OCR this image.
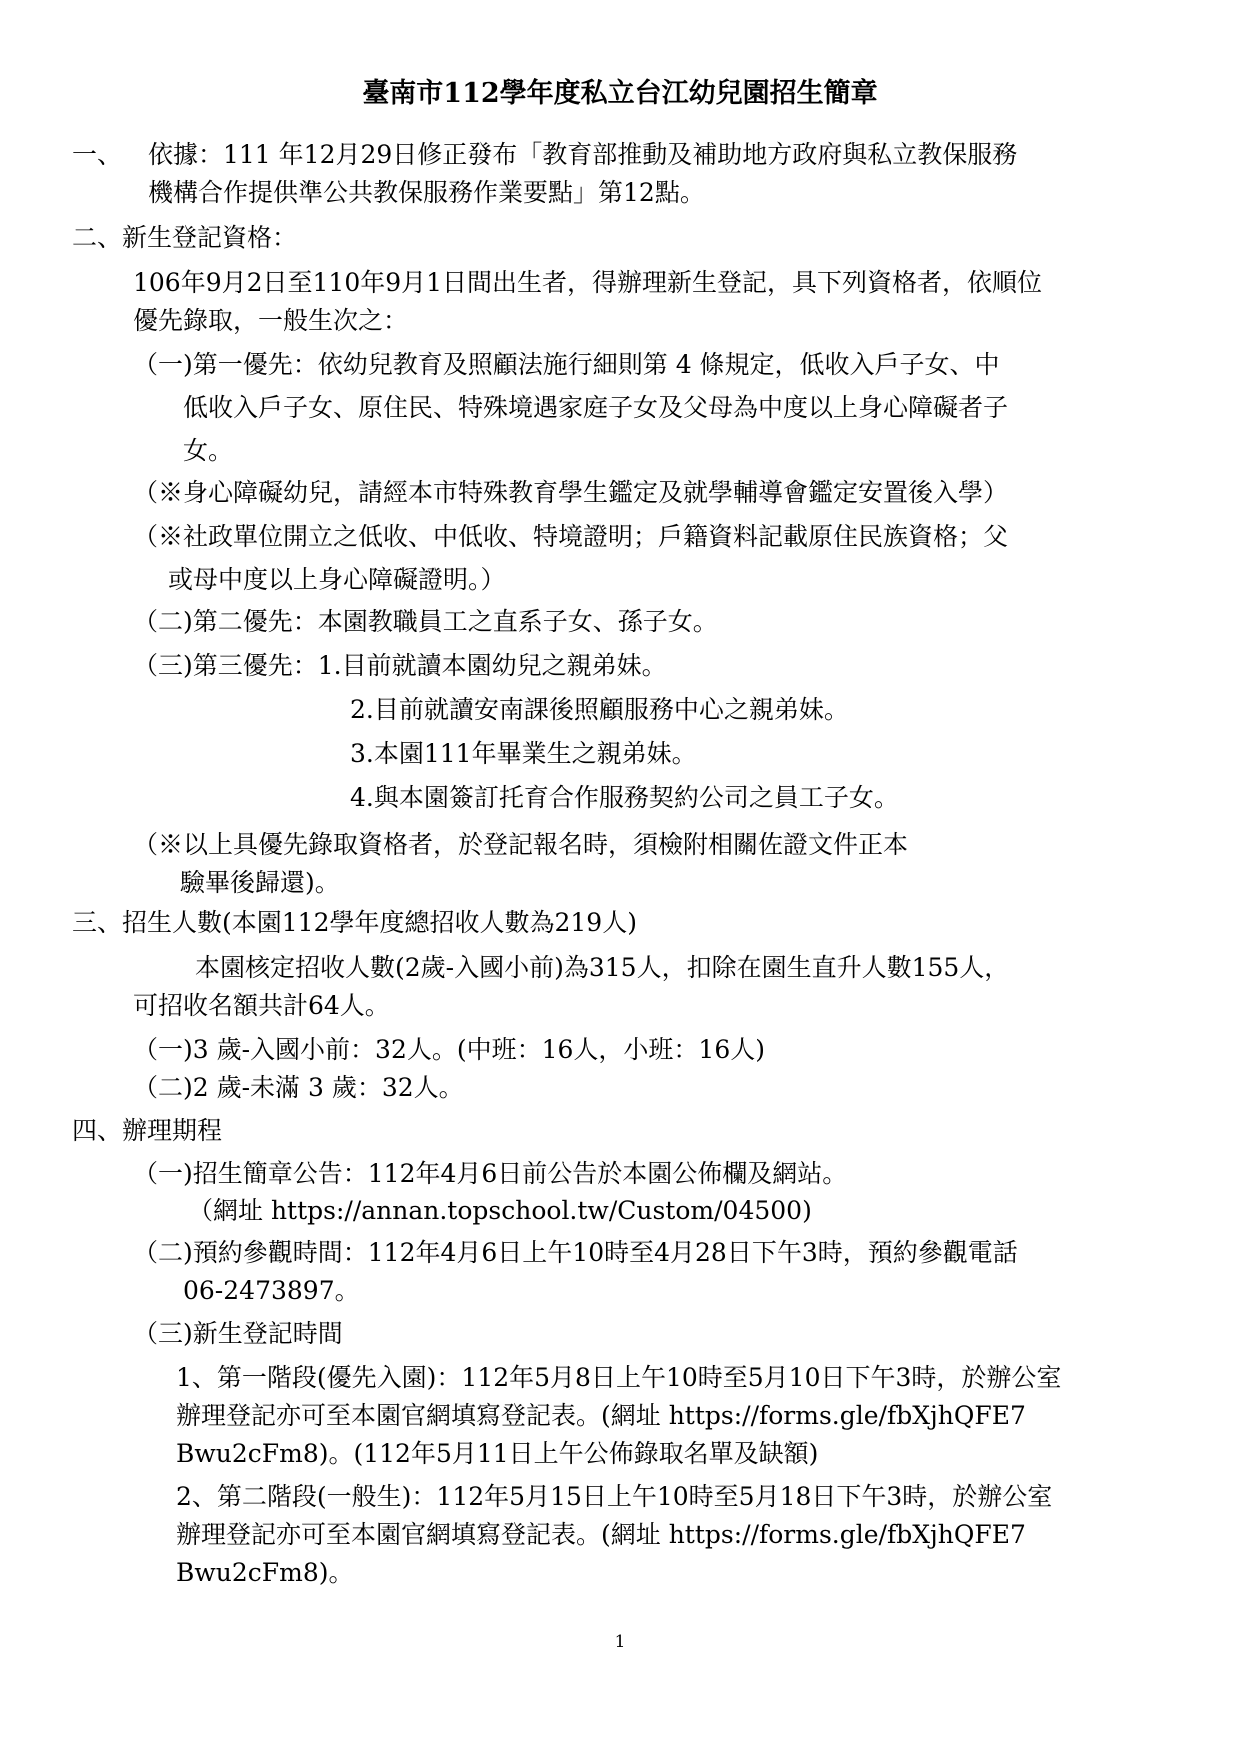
臺南市112學年度私立台江幼兒園招生簡章
一、 依據：111 年12月29日修正發布「教育部推動及補助地方政府與私立教保服務
機構合作提供準公共教保服務作業要點」第12點。
二、新生登記資格：
106年9月2日至110年9月1日間出生者，得辦理新生登記，具下列資格者，依順位
優先錄取，一般生次之：
（一)第一優先：依幼兒教育及照顧法施行細則第 4 條規定，低收入戶子女、中
低收入戶子女、原住民、特殊境遇家庭子女及父母為中度以上身心障礙者子
女。
（※身心障礙幼兒，請經本市特殊教育學生鑑定及就學輔導會鑑定安置後入學）
（※社政單位開立之低收、中低收、特境證明；戶籍資料記載原住民族資格；父
或母中度以上身心障礙證明。）
（二)第二優先：本園教職員工之直系子女、孫子女。
（三)第三優先：1.目前就讀本園幼兒之親弟妹。
2.目前就讀安南課後照顧服務中心之親弟妹。
3.本園111年畢業生之親弟妹。
4.與本園簽訂托育合作服務契約公司之員工子女。
（※以上具優先錄取資格者，於登記報名時，須檢附相關佐證文件正本
驗畢後歸還)。
三、招生人數(本園112學年度總招收人數為219人)
本園核定招收人數(2歲-入國小前)為315人，扣除在園生直升人數155人，
可招收名額共計64人。
（一)3 歲-入國小前：32人。(中班：16人，小班：16人)
（二)2 歲-未滿 3 歲：32人。
四、辦理期程
（一)招生簡章公告：112年4月6日前公告於本園公佈欄及網站。
（網址 https://annan.topschool.tw/Custom/04500)
（二)預約參觀時間：112年4月6日上午10時至4月28日下午3時，預約參觀電話
06-2473897。
（三)新生登記時間
1、第一階段(優先入園)：112年5月8日上午10時至5月10日下午3時，於辦公室
辦理登記亦可至本園官網填寫登記表。(網址 https://forms.gle/fbXjhQFE7
Bwu2cFm8)。(112年5月11日上午公佈錄取名單及缺額)
2、第二階段(一般生)：112年5月15日上午10時至5月18日下午3時，於辦公室
辦理登記亦可至本園官網填寫登記表。(網址 https://forms.gle/fbXjhQFE7
Bwu2cFm8)。
1
